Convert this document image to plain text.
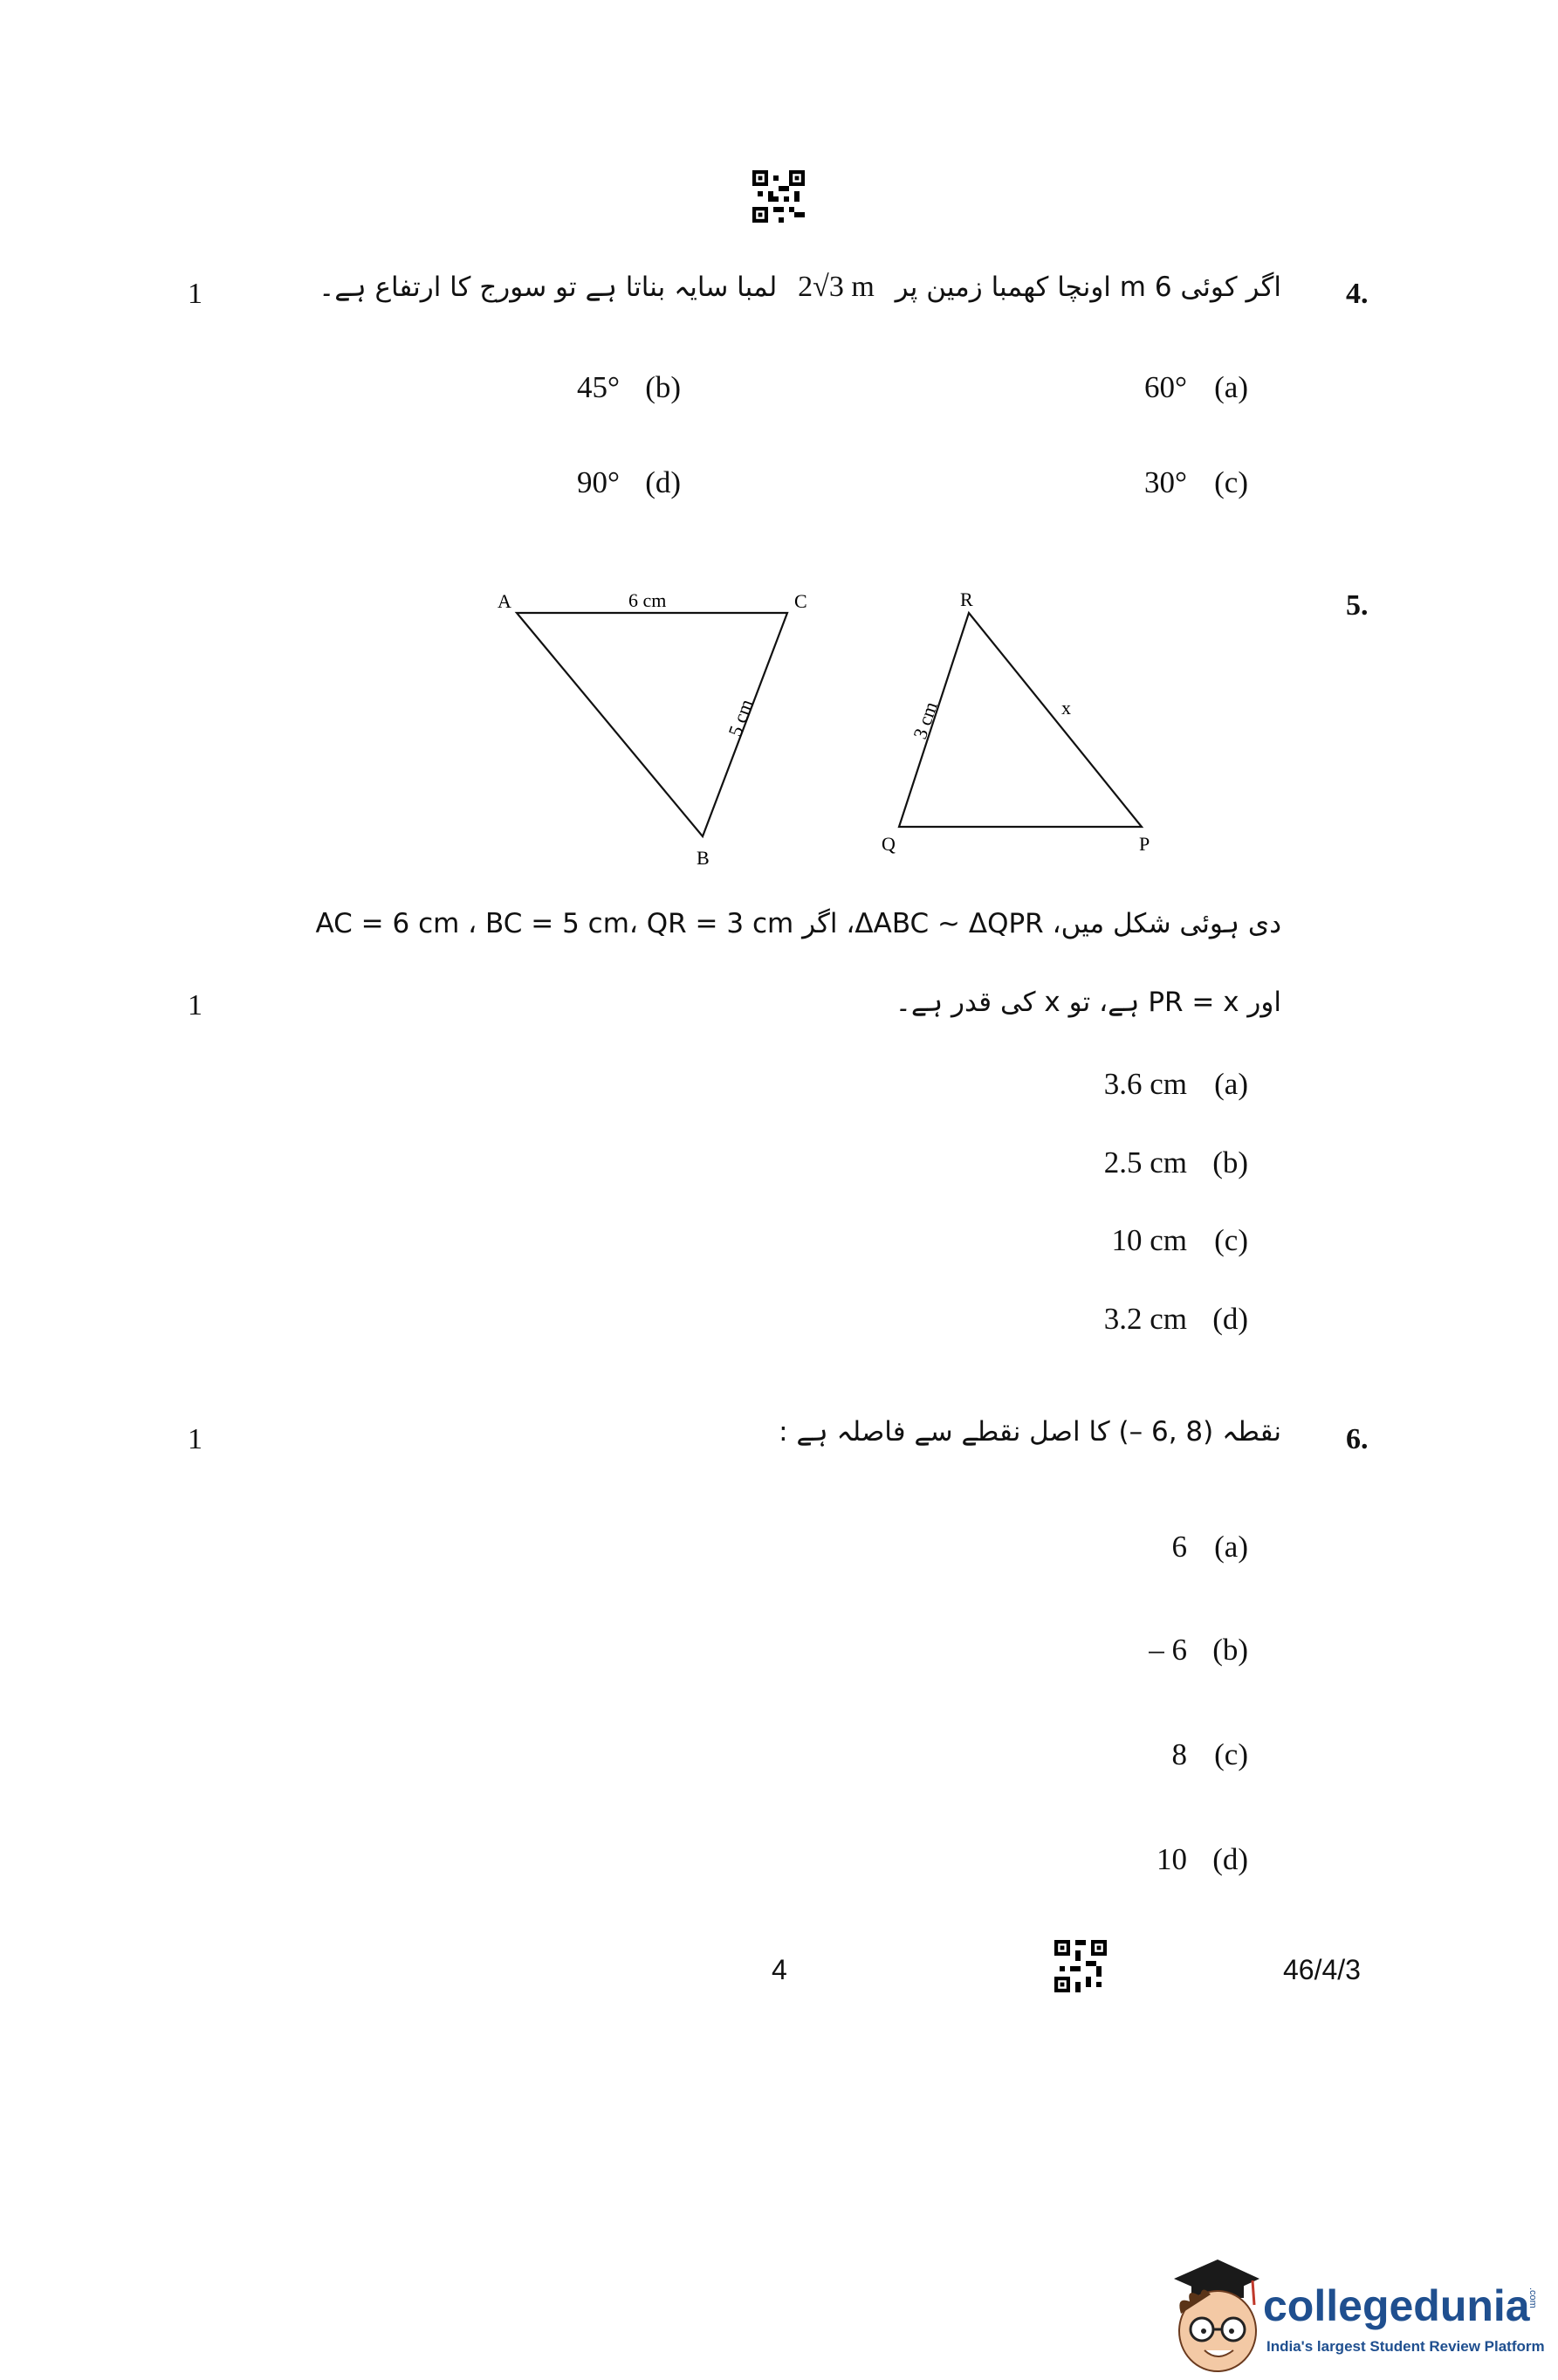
1	4.
اگر کوئی 6 m اونچا کھمبا زمین پر 2√3 m لمبا سایہ بناتا ہے تو سورج کا ارتفاع ہے۔
60° (a)
45° (b)
30° (c)
90° (d)
5.
A	C
B
6 cm
5 cm
R
Q	P
3 cm	x
دی ہوئی شکل میں، ΔABC ~ ΔQPR، اگر AC = 6 cm ، BC = 5 cm، QR = 3 cm
1	اور PR = x ہے، تو x کی قدر ہے۔
3.6 cm (a)
2.5 cm (b)
10 cm (c)
3.2 cm (d)
1	6.
نقطہ (8 ,6 –) کا اصل نقطے سے فاصلہ ہے :
6 (a)
– 6 (b)
8 (c)
10 (d)
4	46/4/3
collegedunia
.com
India's largest Student Review Platform
